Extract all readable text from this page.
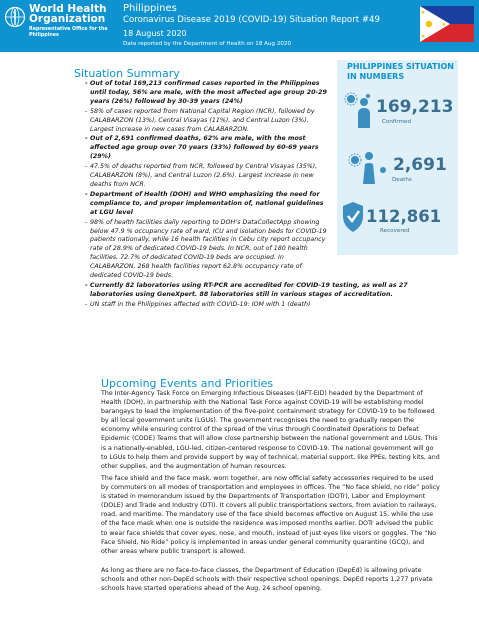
World Health Organization
Representative Office for the Philippines
Philippines
Coronavirus Disease 2019 (COVID-19) Situation Report #49
18 August 2020
Data reported by the Department of Health on 18 Aug 2020
Situation Summary
- Out of total 169,213 confirmed cases reported in the Philippines until today, 56% are male, with the most affected age group 20-29 years (26%) followed by 30-39 years (24%)
- 58% of cases reported from National Capital Region (NCR), followed by CALABARZON (13%), Central Visayas (11%), and Central Luzon (3%). Largest increase in new cases from CALABARZON.
- Out of 2,691 confirmed deaths, 62% are male, with the most affected age group over 70 years (33%) followed by 60-69 years (29%)
- 47.5% of deaths reported from NCR, followed by Central Visayas (35%), CALABARZON (8%), and Central Luzon (2.6%). Largest increase in new deaths from NCR.
- Department of Health (DOH) and WHO emphasizing the need for compliance to, and proper implementation of, national guidelines at LGU level
- 98% of health facilities daily reporting to DOH’s DataCollectApp showing below 47.9 % occupancy rate of ward, ICU and isolation beds for COVID-19 patients nationally, while 16 health facilities in Cebu city report occupancy rate of 28.9% of dedicated COVID-19 beds. In NCR, out of 180 health facilities, 72.7% of dedicated COVID-19 beds are occupied. In CALABARZON, 268 health facilities report 62.8% occupancy rate of dedicated COVID-19 beds.
- Currently 82 laboratories using RT-PCR are accredited for COVID-19 testing, as well as 27 laboratories using GeneXpert. 88 laboratories still in various stages of accreditation.
- UN staff in the Philippines affected with COVID-19: IOM with 1 (death)
PHILIPPINES SITUATION IN NUMBERS
169,213
Confirmed
2,691
Deaths
112,861
Recovered
Upcoming Events and Priorities
The Inter-Agency Task Force on Emerging Infectious Diseases (IAFT-EID) headed by the Department of Health (DOH), in partnership with the National Task Force against COVID-19 will be establishing model barangays to lead the implementation of the five-point containment strategy for COVID-19 to be followed by all local government units (LGUs). The government recognises the need to gradually reopen the economy while ensuring control of the spread of the virus through Coordinated Operations to Defeat Epidemic (CODE) Teams that will allow close partnership between the national government and LGUs. This is a nationally-enabled, LGU-led, citizen-centered response to COVID-19. The national government will go to LGUs to help them and provide support by way of technical, material support, like PPEs, testing kits, and other supplies, and the augmentation of human resources.
The face shield and the face mask, worn together, are now official safety accessories required to be used by commuters on all modes of transportation and employees in offices. The “No face shield, no ride” policy is stated in memorandum issued by the Departments of Transportation (DOTr), Labor and Employment (DOLE) and Trade and Industry (DTI). It covers all public transportations sectors, from aviation to railways, road, and maritime. The mandatory use of the face shield becomes effective on August 15, while the use of the face mask when one is outside the residence was imposed months earlier. DOTr advised the public to wear face shields that cover eyes, nose, and mouth, instead of just eyes like visors or goggles. The “No Face Shield, No Ride” policy is implemented in areas under general community quarantine (GCQ), and other areas where public transport is allowed.
As long as there are no face-to-face classes, the Department of Education (DepEd) is allowing private schools and other non-DepEd schools with their respective school openings. DepEd reports 1,277 private schools have started operations ahead of the Aug. 24 school opening.
